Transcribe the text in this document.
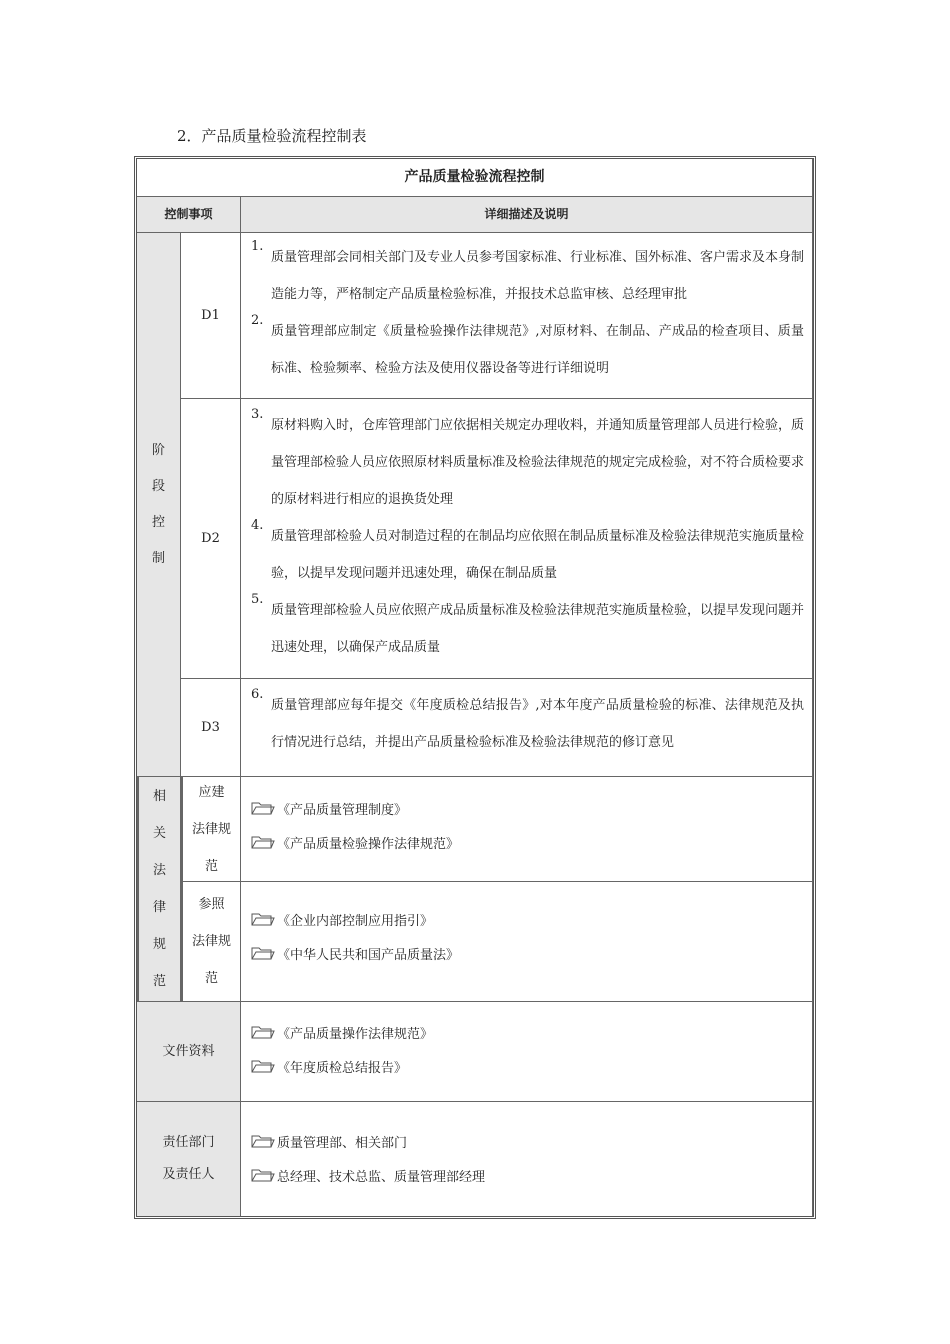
2．产品质量检验流程控制表
产品质量检验流程控制
控制事项	详细描述及说明
阶
段
控
制
D1
1.
质量管理部会同相关部门及专业人员参考国家标准、行业标准、国外标准、客户需求及本身制造能力等，严格制定产品质量检验标准，并报技术总监审核、总经理审批
2.
质量管理部应制定《质量检验操作法律规范》,对原材料、在制品、产成品的检查项目、质量标准、检验频率、检验方法及使用仪器设备等进行详细说明
D2
3.
原材料购入时，仓库管理部门应依据相关规定办理收料，并通知质量管理部人员进行检验，质量管理部检验人员应依照原材料质量标准及检验法律规范的规定完成检验，对不符合质检要求的原材料进行相应的退换货处理
4.
质量管理部检验人员对制造过程的在制品均应依照在制品质量标准及检验法律规范实施质量检验，以提早发现问题并迅速处理，确保在制品质量
5.
质量管理部检验人员应依照产成品质量标准及检验法律规范实施质量检验，以提早发现问题并迅速处理，以确保产成品质量
D3
6.
质量管理部应每年提交《年度质检总结报告》,对本年度产品质量检验的标准、法律规范及执行情况进行总结，并提出产品质量检验标准及检验法律规范的修订意见
相
关
法
律
规
范
应建
法律规
范
《产品质量管理制度》
《产品质量检验操作法律规范》
参照
法律规
范
《企业内部控制应用指引》
《中华人民共和国产品质量法》
文件资料
《产品质量操作法律规范》
《年度质检总结报告》
责任部门
及责任人
质量管理部、相关部门
总经理、技术总监、质量管理部经理
